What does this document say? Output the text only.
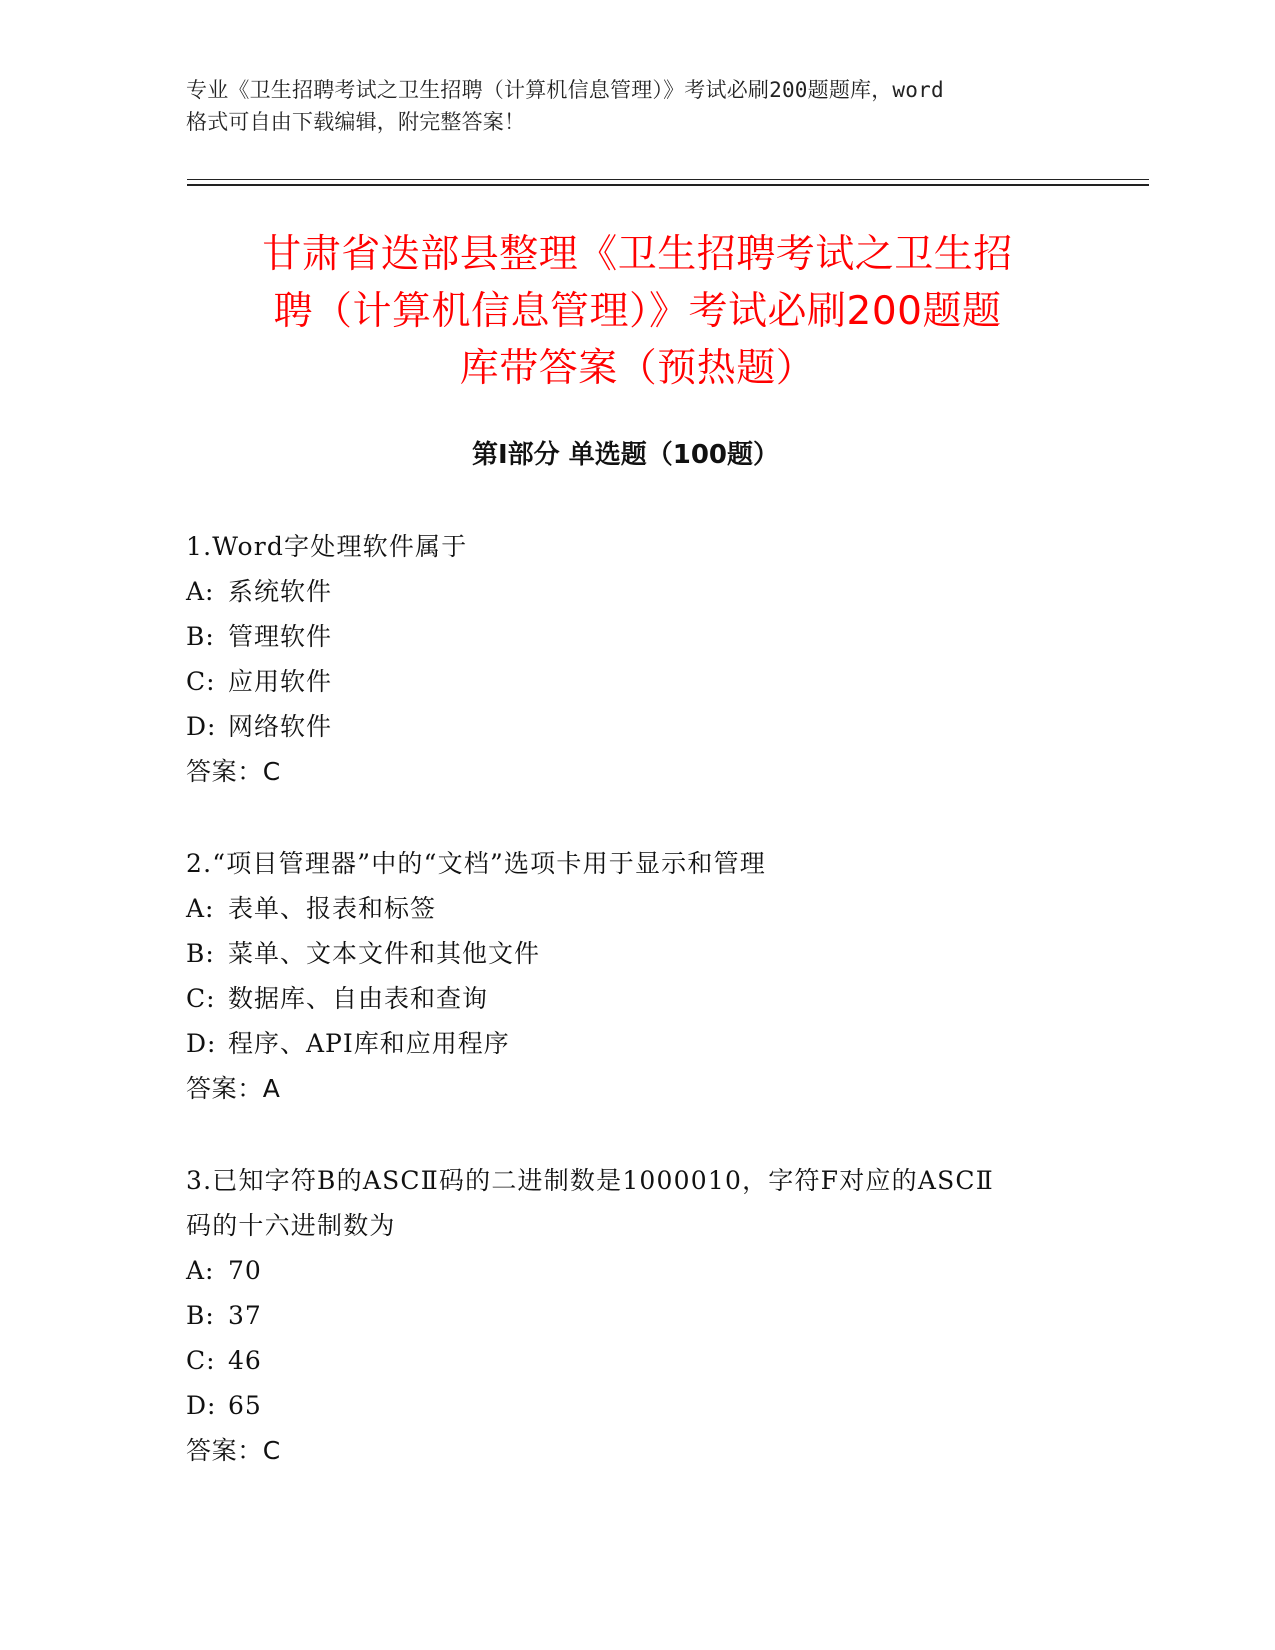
专业《卫生招聘考试之卫生招聘（计算机信息管理）》考试必刷200题题库，word
格式可自由下载编辑，附完整答案！
甘肃省迭部县整理《卫生招聘考试之卫生招
聘（计算机信息管理）》考试必刷200题题
库带答案（预热题）
第Ⅰ部分 单选题（100题）
1.Word字处理软件属于
A: 系统软件
B: 管理软件
C: 应用软件
D: 网络软件
答案：C
2.“项目管理器”中的“文档”选项卡用于显示和管理
A: 表单、报表和标签
B: 菜单、文本文件和其他文件
C: 数据库、自由表和查询
D: 程序、API库和应用程序
答案：A
3.已知字符B的ASCⅡ码的二进制数是1000010，字符F对应的ASCⅡ
码的十六进制数为
A: 70
B: 37
C: 46
D: 65
答案：C
